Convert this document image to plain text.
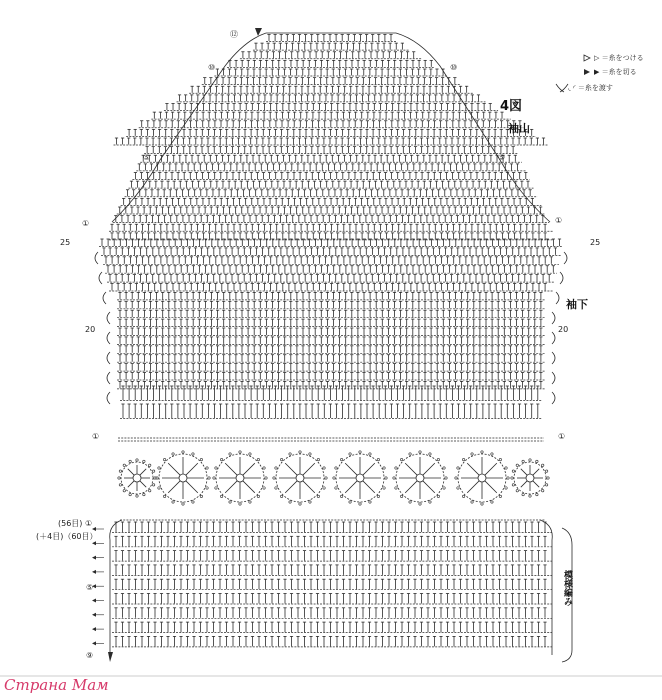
4図
袖山
袖下
模様編み
▷ ＝糸をつける
▶ ＝糸を切る
◟ ◜ ＝糸を渡す
⑫
⑩
⑤
①
25
20
①
(56目) ①
(＋4目)（60目）
⑤
⑨
⑩
⑤
①
25
20
①
Страна Мам
